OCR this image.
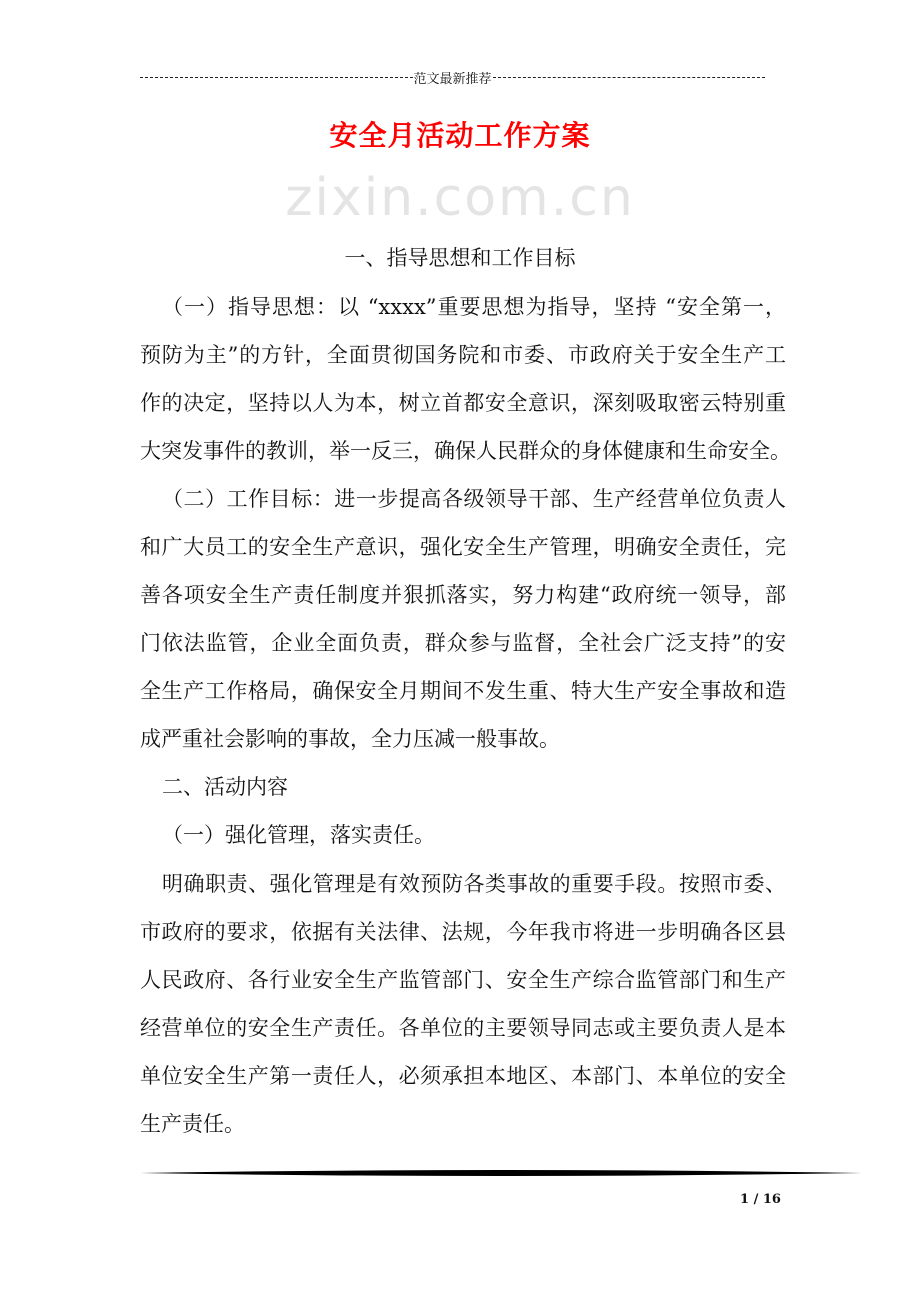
范文最新推荐
安全月活动工作方案
zixin.com.cn
一、指导思想和工作目标
（一）指导思想：以 “xxxx”重要思想为指导，坚持 “安全第一，
预防为主”的方针，全面贯彻国务院和市委、市政府关于安全生产工
作的决定，坚持以人为本，树立首都安全意识，深刻吸取密云特别重
大突发事件的教训，举一反三，确保人民群众的身体健康和生命安全。
（二）工作目标：进一步提高各级领导干部、生产经营单位负责人
和广大员工的安全生产意识，强化安全生产管理，明确安全责任，完
善各项安全生产责任制度并狠抓落实，努力构建“政府统一领导，部
门依法监管，企业全面负责，群众参与监督，全社会广泛支持”的安
全生产工作格局，确保安全月期间不发生重、特大生产安全事故和造
成严重社会影响的事故，全力压减一般事故。
二、活动内容
（一）强化管理，落实责任。
明确职责、强化管理是有效预防各类事故的重要手段。按照市委、
市政府的要求，依据有关法律、法规，今年我市将进一步明确各区县
人民政府、各行业安全生产监管部门、安全生产综合监管部门和生产
经营单位的安全生产责任。各单位的主要领导同志或主要负责人是本
单位安全生产第一责任人，必须承担本地区、本部门、本单位的安全
生产责任。
1 / 16
